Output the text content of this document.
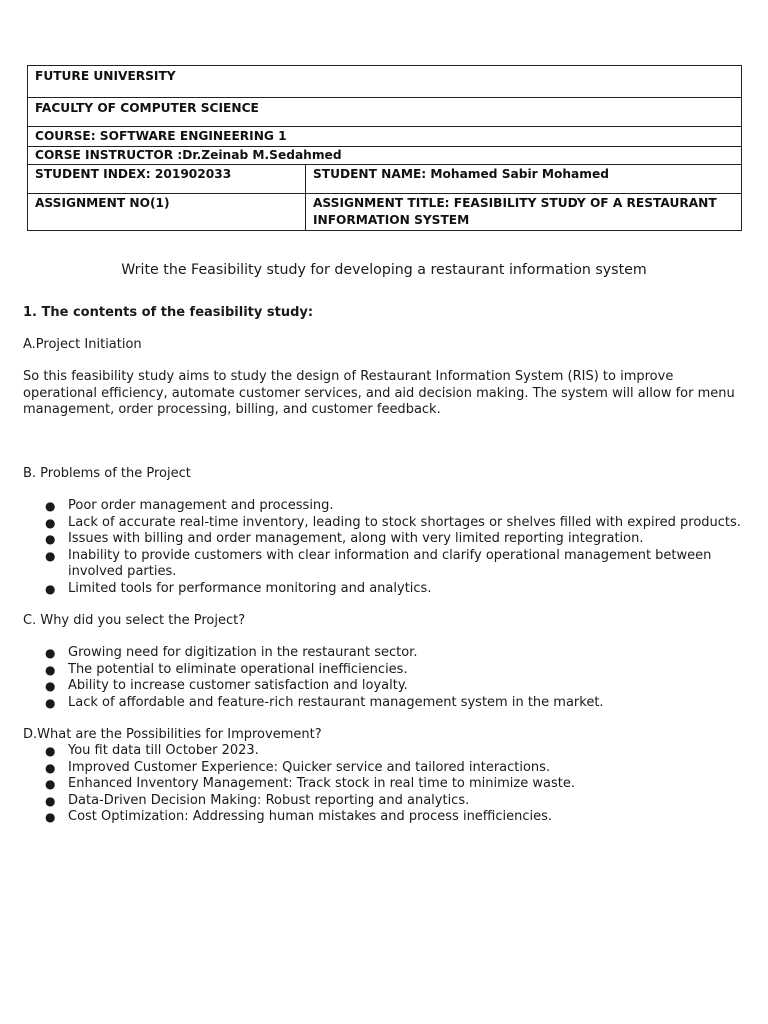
FUTURE UNIVERSITY	
FACULTY OF COMPUTER SCIENCE	
COURSE: SOFTWARE ENGINEERING 1	
CORSE INSTRUCTOR :Dr.Zeinab M.Sedahmed	
STUDENT INDEX: 201902033	STUDENT NAME: Mohamed Sabir Mohamed
ASSIGNMENT NO(1)	ASSIGNMENT TITLE: FEASIBILITY STUDY OF A RESTAURANT INFORMATION SYSTEM
Write the Feasibility study for developing a restaurant information system
1. The contents of the feasibility study:
A.Project Initiation
So this feasibility study aims to study the design of Restaurant Information System (RIS) to improve operational efficiency, automate customer services, and aid decision making. The system will allow for menu management, order processing, billing, and customer feedback.
B. Problems of the Project
● Poor order management and processing.
● Lack of accurate real-time inventory, leading to stock shortages or shelves filled with expired products.
● Issues with billing and order management, along with very limited reporting integration.
● Inability to provide customers with clear information and clarify operational management between involved parties.
● Limited tools for performance monitoring and analytics.
C. Why did you select the Project?
● Growing need for digitization in the restaurant sector.
● The potential to eliminate operational inefficiencies.
● Ability to increase customer satisfaction and loyalty.
● Lack of affordable and feature-rich restaurant management system in the market.
D.What are the Possibilities for Improvement?
● You fit data till October 2023.
● Improved Customer Experience: Quicker service and tailored interactions.
● Enhanced Inventory Management: Track stock in real time to minimize waste.
● Data-Driven Decision Making: Robust reporting and analytics.
● Cost Optimization: Addressing human mistakes and process inefficiencies.
